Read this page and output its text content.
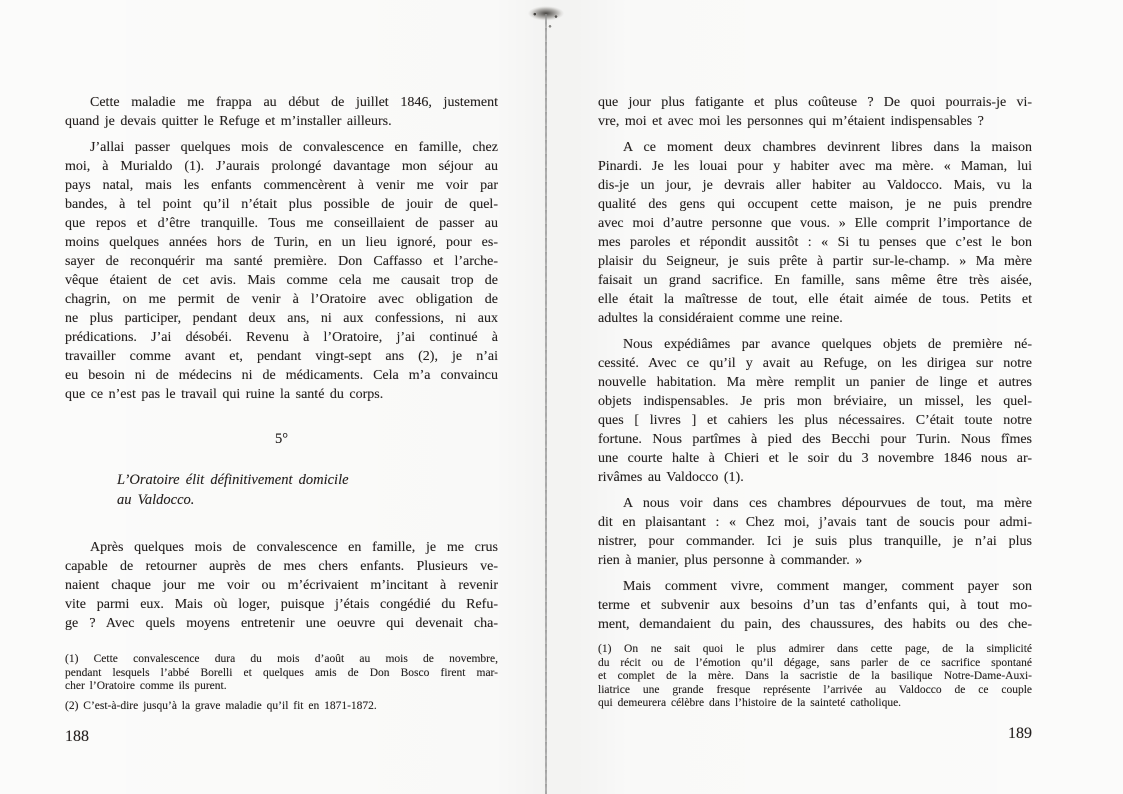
Cette maladie me frappa au début de juillet 1846, justement
quand je devais quitter le Refuge et m’installer ailleurs.
J’allai passer quelques mois de convalescence en famille, chez
moi, à Murialdo (1). J’aurais prolongé davantage mon séjour au
pays natal, mais les enfants commencèrent à venir me voir par
bandes, à tel point qu’il n’était plus possible de jouir de quel-
que repos et d’être tranquille. Tous me conseillaient de passer au
moins quelques années hors de Turin, en un lieu ignoré, pour es-
sayer de reconquérir ma santé première. Don Caffasso et l’arche-
vêque étaient de cet avis. Mais comme cela me causait trop de
chagrin, on me permit de venir à l’Oratoire avec obligation de
ne plus participer, pendant deux ans, ni aux confessions, ni aux
prédications. J’ai désobéi. Revenu à l’Oratoire, j’ai continué à
travailler comme avant et, pendant vingt-sept ans (2), je n’ai
eu besoin ni de médecins ni de médicaments. Cela m’a convaincu
que ce n’est pas le travail qui ruine la santé du corps.
5°
L’Oratoire élit définitivement domicile
au Valdocco.
Après quelques mois de convalescence en famille, je me crus
capable de retourner auprès de mes chers enfants. Plusieurs ve-
naient chaque jour me voir ou m’écrivaient m’incitant à revenir
vite parmi eux. Mais où loger, puisque j’étais congédié du Refu-
ge ? Avec quels moyens entretenir une oeuvre qui devenait cha-
(1) Cette convalescence dura du mois d’août au mois de novembre,
pendant lesquels l’abbé Borelli et quelques amis de Don Bosco firent mar-
cher l’Oratoire comme ils purent.
(2) C’est-à-dire jusqu’à la grave maladie qu’il fit en 1871-1872.
188
que jour plus fatigante et plus coûteuse ? De quoi pourrais-je vi-
vre, moi et avec moi les personnes qui m’étaient indispensables ?
A ce moment deux chambres devinrent libres dans la maison
Pinardi. Je les louai pour y habiter avec ma mère. « Maman, lui
dis-je un jour, je devrais aller habiter au Valdocco. Mais, vu la
qualité des gens qui occupent cette maison, je ne puis prendre
avec moi d’autre personne que vous. » Elle comprit l’importance de
mes paroles et répondit aussitôt : « Si tu penses que c’est le bon
plaisir du Seigneur, je suis prête à partir sur-le-champ. » Ma mère
faisait un grand sacrifice. En famille, sans même être très aisée,
elle était la maîtresse de tout, elle était aimée de tous. Petits et
adultes la considéraient comme une reine.
Nous expédiâmes par avance quelques objets de première né-
cessité. Avec ce qu’il y avait au Refuge, on les dirigea sur notre
nouvelle habitation. Ma mère remplit un panier de linge et autres
objets indispensables. Je pris mon bréviaire, un missel, les quel-
ques [ livres ] et cahiers les plus nécessaires. C’était toute notre
fortune. Nous partîmes à pied des Becchi pour Turin. Nous fîmes
une courte halte à Chieri et le soir du 3 novembre 1846 nous ar-
rivâmes au Valdocco (1).
A nous voir dans ces chambres dépourvues de tout, ma mère
dit en plaisantant : « Chez moi, j’avais tant de soucis pour admi-
nistrer, pour commander. Ici je suis plus tranquille, je n’ai plus
rien à manier, plus personne à commander. »
Mais comment vivre, comment manger, comment payer son
terme et subvenir aux besoins d’un tas d’enfants qui, à tout mo-
ment, demandaient du pain, des chaussures, des habits ou des che-
(1) On ne sait quoi le plus admirer dans cette page, de la simplicité
du récit ou de l’émotion qu’il dégage, sans parler de ce sacrifice spontané
et complet de la mère. Dans la sacristie de la basilique Notre-Dame-Auxi-
liatrice une grande fresque représente l’arrivée au Valdocco de ce couple
qui demeurera célèbre dans l’histoire de la sainteté catholique.
189
